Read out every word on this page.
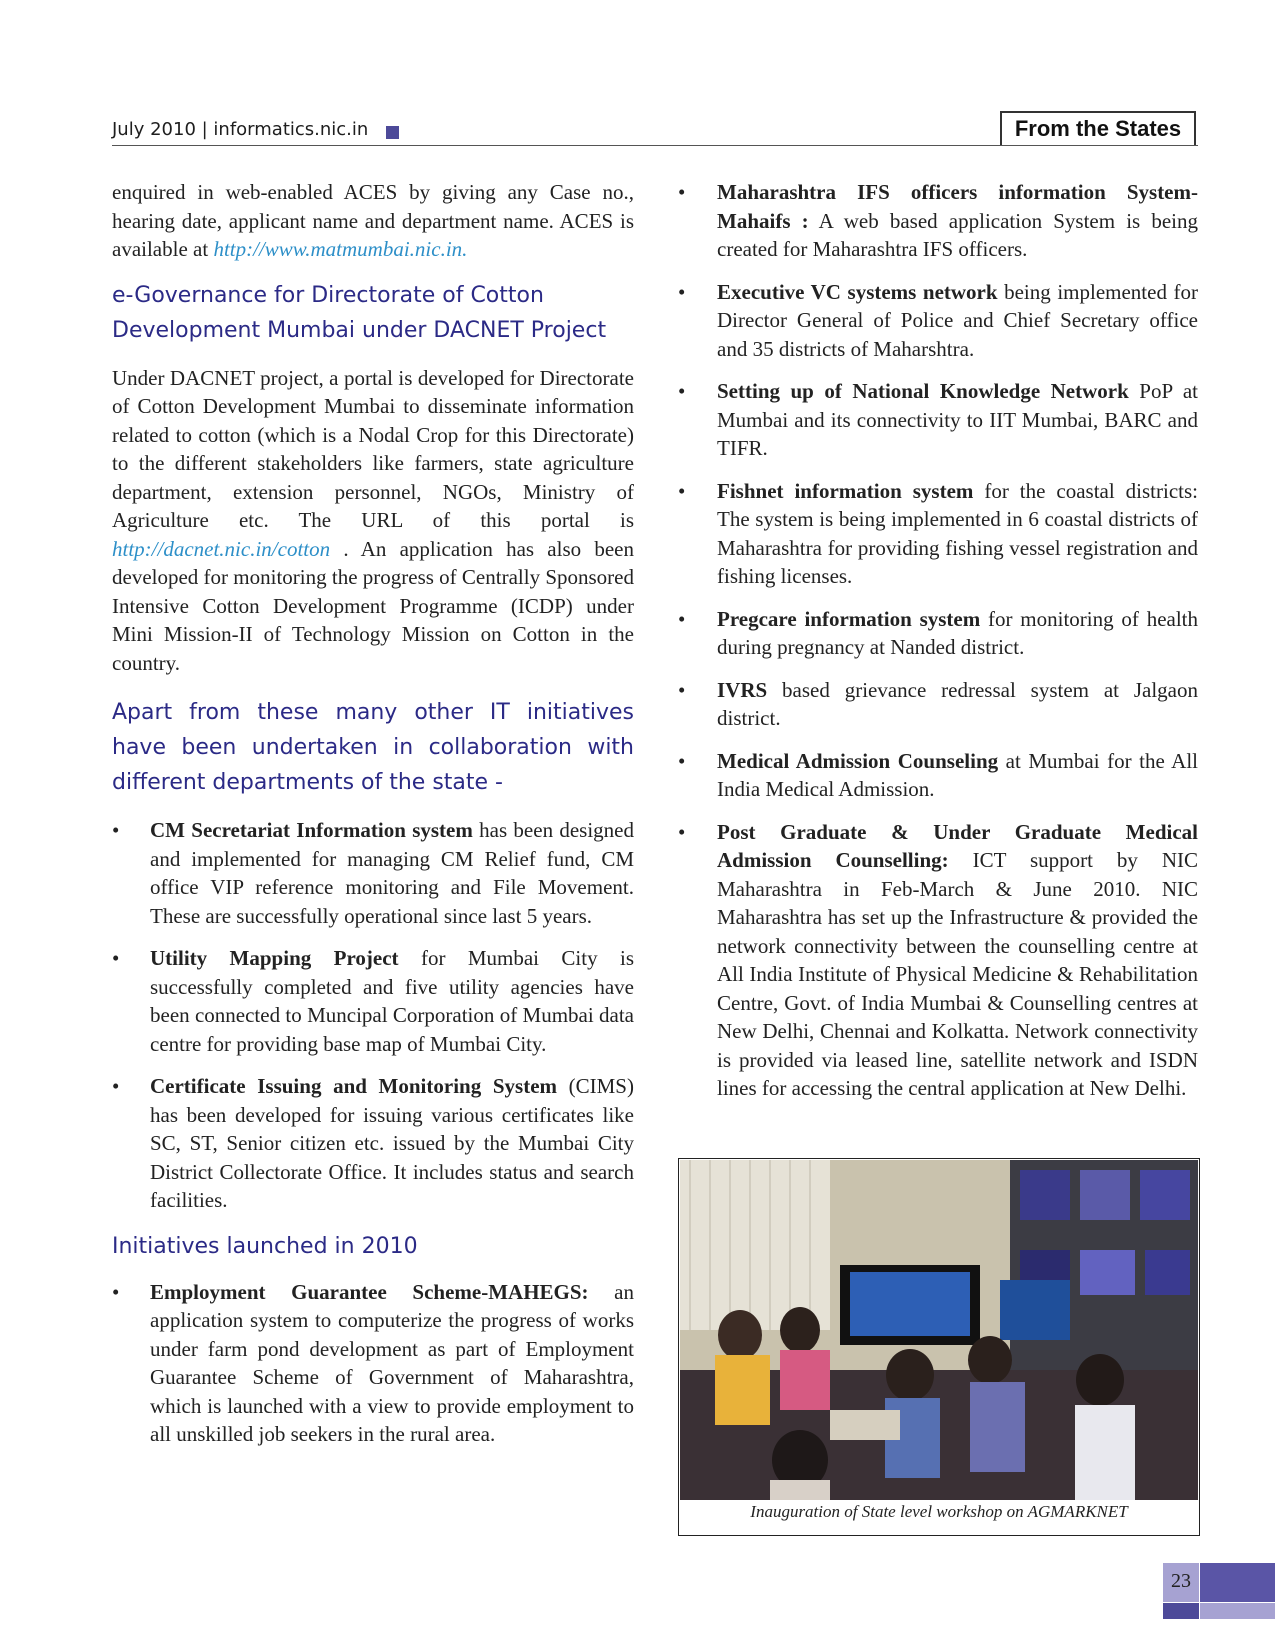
July 2010 | informatics.nic.in	From the States

enquired in web-enabled ACES by giving any Case no., hearing date, applicant name and department name. ACES is available at http://www.matmumbai.nic.in.

e-Governance for Directorate of Cotton Development Mumbai under DACNET Project

Under DACNET project, a portal is developed for Directorate of Cotton Development Mumbai to disseminate information related to cotton (which is a Nodal Crop for this Directorate) to the different stakeholders like farmers, state agriculture department, extension personnel, NGOs, Ministry of Agriculture etc. The URL of this portal is http://dacnet.nic.in/cotton . An application has also been developed for monitoring the progress of Centrally Sponsored Intensive Cotton Development Programme (ICDP) under Mini Mission-II of Technology Mission on Cotton in the country.

Apart from these many other IT initiatives have been undertaken in collaboration with different departments of the state -
• CM Secretariat Information system has been designed and implemented for managing CM Relief fund, CM office VIP reference monitoring and File Movement. These are successfully operational since last 5 years.
• Utility Mapping Project for Mumbai City is successfully completed and five utility agencies have been connected to Muncipal Corporation of Mumbai data centre for providing base map of Mumbai City.
• Certificate Issuing and Monitoring System (CIMS) has been developed for issuing various certificates like SC, ST, Senior citizen etc. issued by the Mumbai City District Collectorate Office. It includes status and search facilities.
Initiatives launched in 2010
• Employment Guarantee Scheme-MAHEGS: an application system to computerize the progress of works under farm pond development as part of Employment Guarantee Scheme of Government of Maharashtra, which is launched with a view to provide employment to all unskilled job seekers in the rural area.
• Maharashtra IFS officers information System-Mahaifs : A web based application System is being created for Maharashtra IFS officers.
• Executive VC systems network being implemented for Director General of Police and Chief Secretary office and 35 districts of Maharshtra.
• Setting up of National Knowledge Network PoP at Mumbai and its connectivity to IIT Mumbai, BARC and TIFR.
• Fishnet information system for the coastal districts: The system is being implemented in 6 coastal districts of Maharashtra for providing fishing vessel registration and fishing licenses.
• Pregcare information system for monitoring of health during pregnancy at Nanded district.
• IVRS based grievance redressal system at Jalgaon district.
• Medical Admission Counseling at Mumbai for the All India Medical Admission.
• Post Graduate & Under Graduate Medical Admission Counselling: ICT support by NIC Maharashtra in Feb-March & June 2010. NIC Maharashtra has set up the Infrastructure & provided the network connectivity between the counselling centre at All India Institute of Physical Medicine & Rehabilitation Centre, Govt. of India Mumbai & Counselling centres at New Delhi, Chennai and Kolkatta. Network connectivity is provided via leased line, satellite network and ISDN lines for accessing the central application at New Delhi.
Inauguration of State level workshop on AGMARKNET
23
